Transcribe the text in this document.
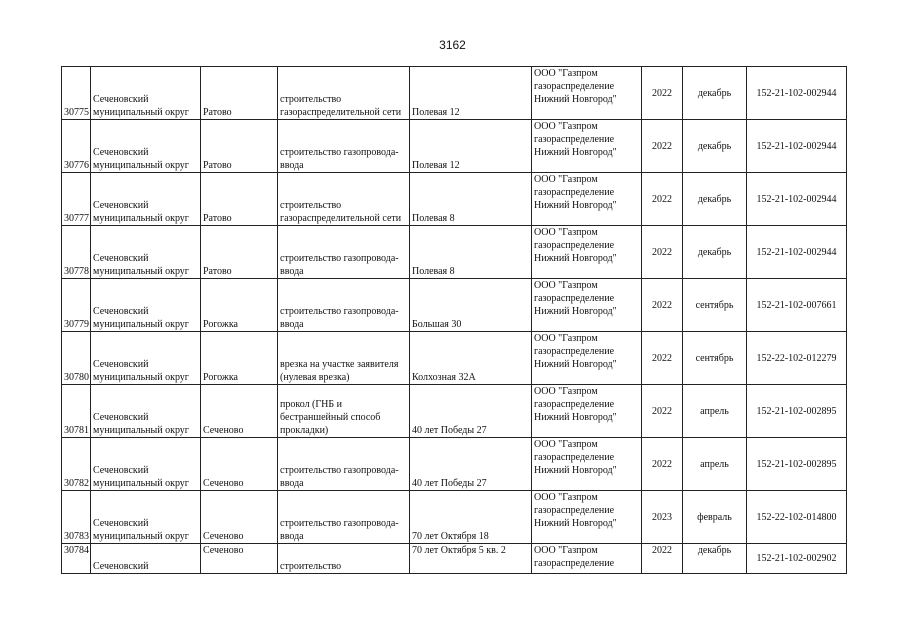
3162
30775	Сеченовский
муниципальный округ	Ратово	строительство
газораспределительной сети	Полевая 12	ООО "Газпром
газораспределение
Нижний Новгород"	2022	декабрь	152-21-102-002944

30776	Сеченовский
муниципальный округ	Ратово	строительство газопровода-
ввода	Полевая 12	ООО "Газпром
газораспределение
Нижний Новгород"	2022	декабрь	152-21-102-002944

30777	Сеченовский
муниципальный округ	Ратово	строительство
газораспределительной сети	Полевая 8	ООО "Газпром
газораспределение
Нижний Новгород"	2022	декабрь	152-21-102-002944

30778	Сеченовский
муниципальный округ	Ратово	строительство газопровода-
ввода	Полевая 8	ООО "Газпром
газораспределение
Нижний Новгород"	2022	декабрь	152-21-102-002944

30779	Сеченовский
муниципальный округ	Рогожка	строительство газопровода-
ввода	Большая 30	ООО "Газпром
газораспределение
Нижний Новгород"	2022	сентябрь	152-21-102-007661

30780	Сеченовский
муниципальный округ	Рогожка	врезка на участке заявителя
(нулевая врезка)	Колхозная 32А	ООО "Газпром
газораспределение
Нижний Новгород"	2022	сентябрь	152-22-102-012279

30781	Сеченовский
муниципальный округ	Сеченово	прокол (ГНБ и
бестраншейный способ
прокладки)	40 лет Победы 27	ООО "Газпром
газораспределение
Нижний Новгород"	2022	апрель	152-21-102-002895

30782	Сеченовский
муниципальный округ	Сеченово	строительство газопровода-
ввода	40 лет Победы 27	ООО "Газпром
газораспределение
Нижний Новгород"	2022	апрель	152-21-102-002895

30783	Сеченовский
муниципальный округ	Сеченово	строительство газопровода-
ввода	70 лет Октября 18	ООО "Газпром
газораспределение
Нижний Новгород"	2023	февраль	152-22-102-014800

30784	Сеченовский	Сеченово	строительство	70 лет Октября 5 кв. 2	ООО "Газпром
газораспределение	2022	декабрь	152-21-102-002902
